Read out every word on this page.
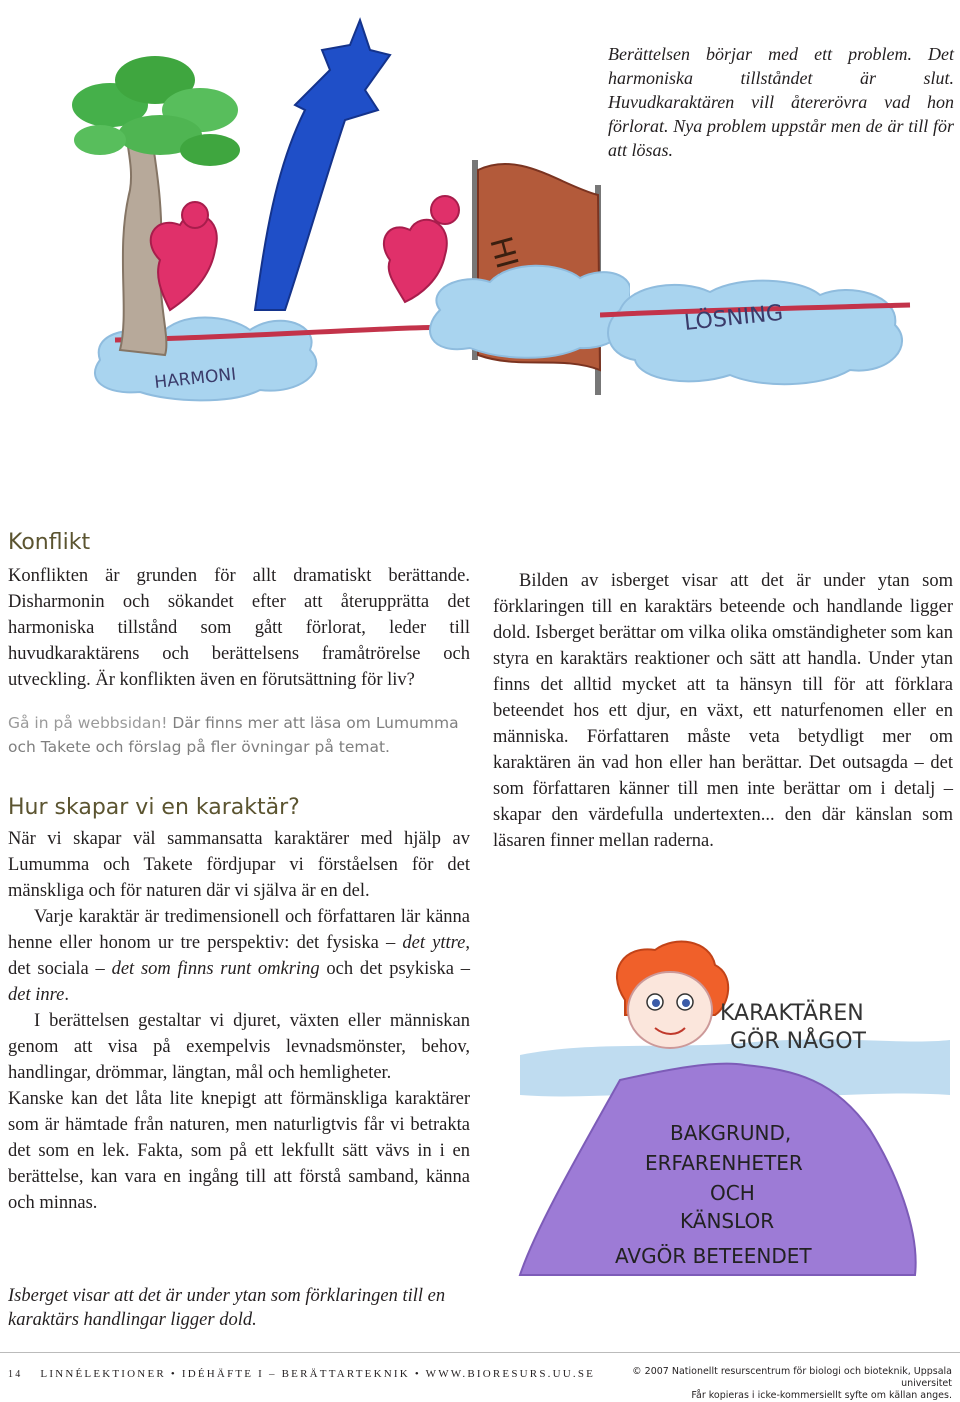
HARMONI
LÖSNING
Berättelsen börjar med ett problem. Det harmoniska tillståndet är slut. Huvudkaraktären vill återerövra vad hon förlorat. Nya problem uppstår men de är till för att lösas.
Konflikt

Konflikten är grunden för allt dramatiskt berättande. Disharmonin och sökandet efter att återupprätta det harmoniska tillstånd som gått förlorat, leder till huvudkaraktärens och berättelsens framåtrörelse och utveckling. Är konflikten även en förutsättning för liv?

Gå in på webbsidan! Där finns mer att läsa om Lumumma och Takete och förslag på fler övningar på temat.
Hur skapar vi en karaktär?

När vi skapar väl sammansatta karaktärer med hjälp av Lumumma och Takete fördjupar vi förståelsen för det mänskliga och för naturen där vi själva är en del.

Varje karaktär är tredimensionell och författaren lär känna henne eller honom ur tre perspektiv: det fysiska – det yttre, det sociala – det som finns runt omkring och det psykiska – det inre.

I berättelsen gestaltar vi djuret, växten eller människan genom att visa på exempelvis levnadsmönster, behov, handlingar, drömmar, längtan, mål och hemligheter.

Kanske kan det låta lite knepigt att förmänskliga karaktärer som är hämtade från naturen, men naturligtvis får vi betrakta det som en lek. Fakta, som på ett lekfullt sätt vävs in i en berättelse, kan vara en ingång till att förstå samband, känna och minnas.

Bilden av isberget visar att det är under ytan som förklaringen till en karaktärs beteende och handlande ligger dold. Isberget berättar om vilka olika omständigheter som kan styra en karaktärs reaktioner och sätt att handla. Under ytan finns det alltid mycket att ta hänsyn till för att förklara beteendet hos ett djur, en växt, ett naturfenomen eller en människa. Författaren måste veta betydligt mer om karaktären än vad hon eller han berättar. Det outsagda – det som författaren känner till men inte berättar om i detalj – skapar den värdefulla undertexten... den där känslan som läsaren finner mellan raderna.

KARAKTÄREN
GÖR NÅGOT
BAKGRUND,
ERFARENHETER
OCH
KÄNSLOR
AVGÖR BETEENDET
Isberget visar att det är under ytan som förklaringen till en karaktärs handlingar ligger dold.
14 LINNÉLEKTIONER • IDÉHÄFTE I – BERÄTTARTEKNIK • WWW.BIORESURS.UU.SE	© 2007 Nationellt resurscentrum för biologi och bioteknik, Uppsala universitet
Får kopieras i icke-kommersiellt syfte om källan anges.
